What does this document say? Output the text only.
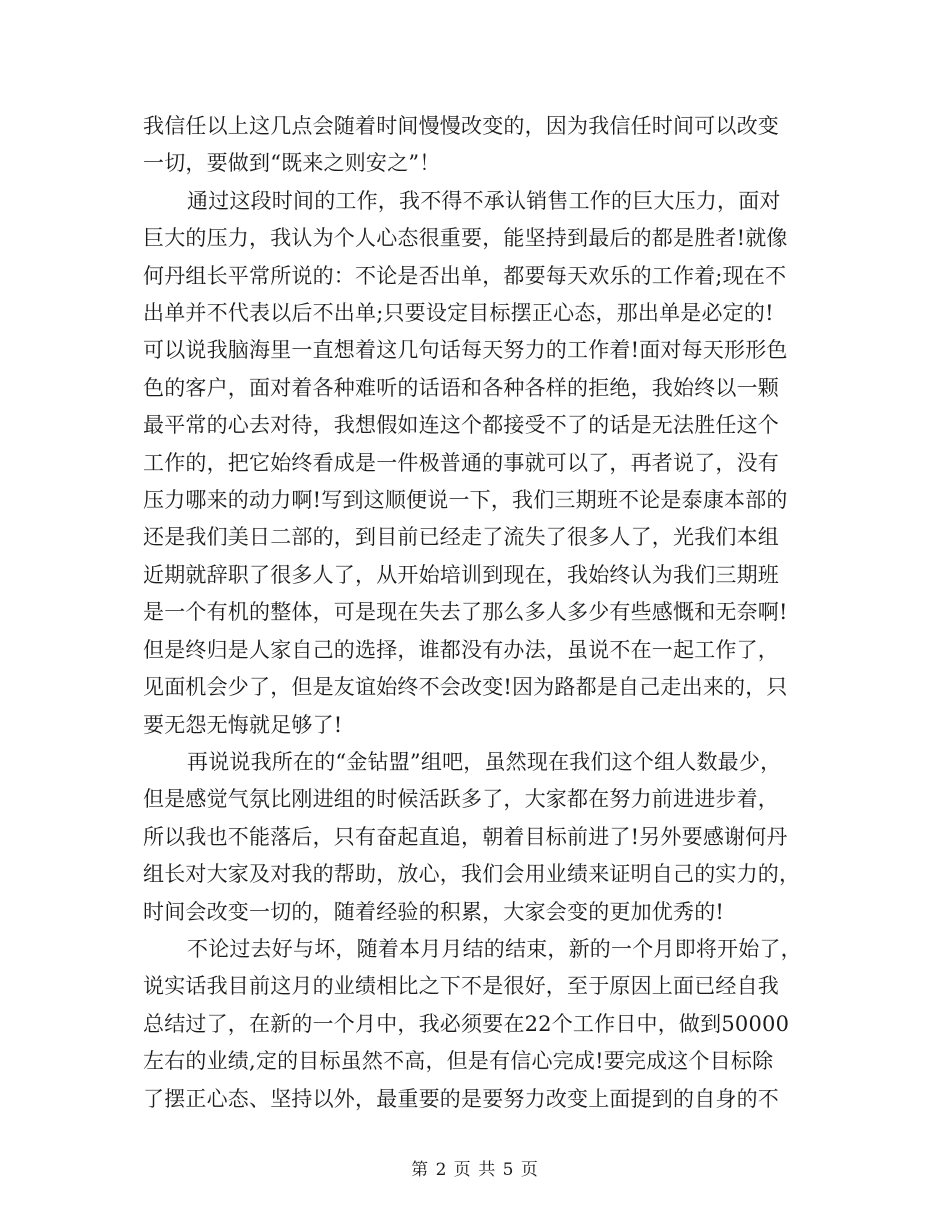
我信任以上这几点会随着时间慢慢改变的，因为我信任时间可以改变
一切，要做到“既来之则安之”！

通过这段时间的工作，我不得不承认销售工作的巨大压力，面对
巨大的压力，我认为个人心态很重要，能坚持到最后的都是胜者!就像
何丹组长平常所说的：不论是否出单，都要每天欢乐的工作着;现在不
出单并不代表以后不出单;只要设定目标摆正心态，那出单是必定的!
可以说我脑海里一直想着这几句话每天努力的工作着!面对每天形形色
色的客户，面对着各种难听的话语和各种各样的拒绝，我始终以一颗
最平常的心去对待，我想假如连这个都接受不了的话是无法胜任这个
工作的，把它始终看成是一件极普通的事就可以了，再者说了，没有
压力哪来的动力啊!写到这顺便说一下，我们三期班不论是泰康本部的
还是我们美日二部的，到目前已经走了流失了很多人了，光我们本组
近期就辞职了很多人了，从开始培训到现在，我始终认为我们三期班
是一个有机的整体，可是现在失去了那么多人多少有些感慨和无奈啊!
但是终归是人家自己的选择，谁都没有办法，虽说不在一起工作了，
见面机会少了，但是友谊始终不会改变!因为路都是自己走出来的，只
要无怨无悔就足够了!

再说说我所在的“金钻盟”组吧，虽然现在我们这个组人数最少，
但是感觉气氛比刚进组的时候活跃多了，大家都在努力前进进步着，
所以我也不能落后，只有奋起直追，朝着目标前进了!另外要感谢何丹
组长对大家及对我的帮助，放心，我们会用业绩来证明自己的实力的，
时间会改变一切的，随着经验的积累，大家会变的更加优秀的!

不论过去好与坏，随着本月月结的结束，新的一个月即将开始了，
说实话我目前这月的业绩相比之下不是很好，至于原因上面已经自我
总结过了，在新的一个月中，我必须要在22个工作日中，做到50000
左右的业绩,定的目标虽然不高，但是有信心完成!要完成这个目标除
了摆正心态、坚持以外，最重要的是要努力改变上面提到的自身的不

第 2 页 共 5 页
